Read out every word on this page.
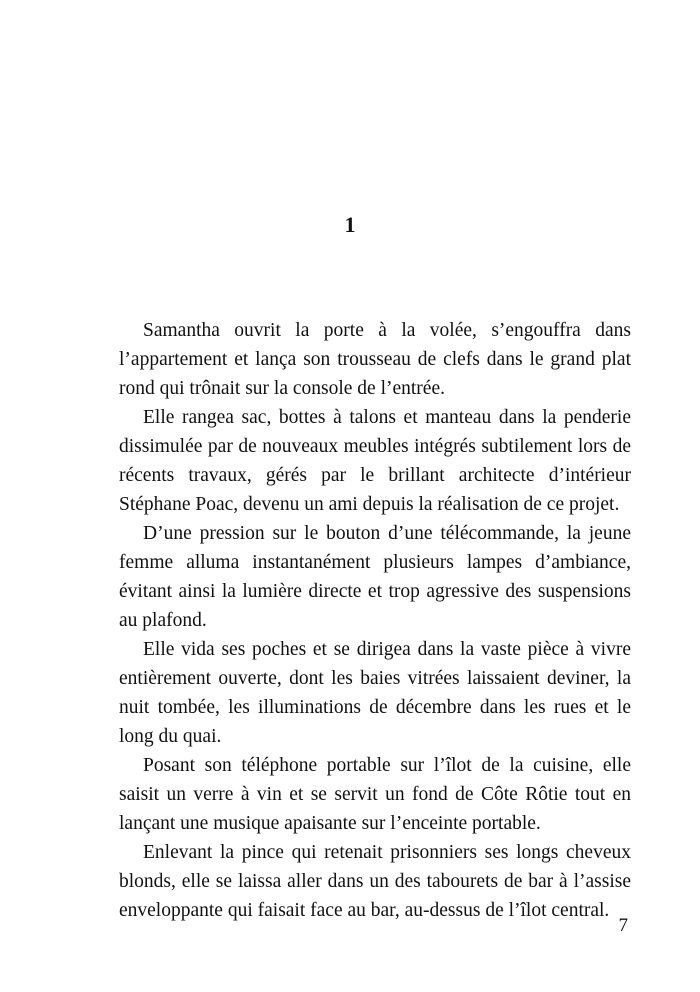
1

Samantha ouvrit la porte à la volée, s’engouffra dans l’appartement et lança son trousseau de clefs dans le grand plat rond qui trônait sur la console de l’entrée.

Elle rangea sac, bottes à talons et manteau dans la penderie dissimulée par de nouveaux meubles intégrés subtilement lors de récents travaux, gérés par le brillant architecte d’intérieur Stéphane Poac, devenu un ami depuis la réalisation de ce projet.

D’une pression sur le bouton d’une télécommande, la jeune femme alluma instantanément plusieurs lampes d’ambiance, évitant ainsi la lumière directe et trop agressive des suspensions au plafond.

Elle vida ses poches et se dirigea dans la vaste pièce à vivre entièrement ouverte, dont les baies vitrées laissaient deviner, la nuit tombée, les illuminations de décembre dans les rues et le long du quai.

Posant son téléphone portable sur l’îlot de la cuisine, elle saisit un verre à vin et se servit un fond de Côte Rôtie tout en lançant une musique apaisante sur l’enceinte portable.

Enlevant la pince qui retenait prisonniers ses longs cheveux blonds, elle se laissa aller dans un des tabourets de bar à l’assise enveloppante qui faisait face au bar, au-dessus de l’îlot central.

7
